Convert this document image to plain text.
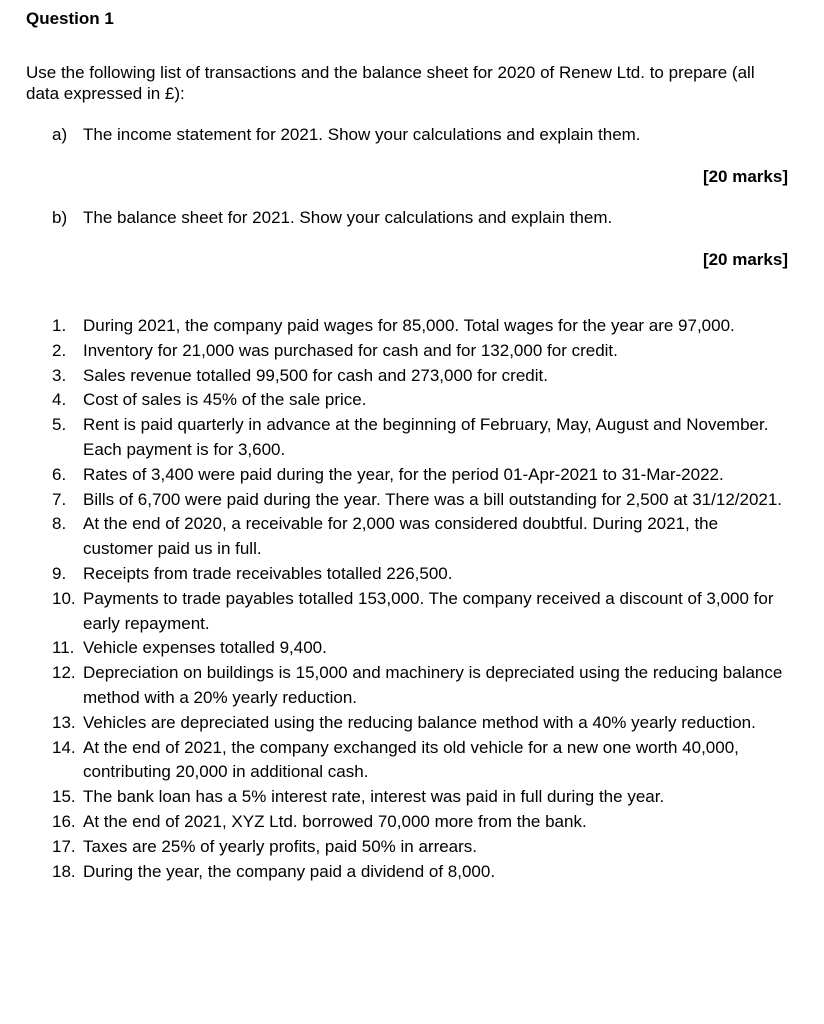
Question 1
Use the following list of transactions and the balance sheet for 2020 of Renew Ltd. to prepare (all data expressed in £):
a) The income statement for 2021. Show your calculations and explain them.
[20 marks]
b) The balance sheet for 2021. Show your calculations and explain them.
[20 marks]
1. During 2021, the company paid wages for 85,000. Total wages for the year are 97,000.
2. Inventory for 21,000 was purchased for cash and for 132,000 for credit.
3. Sales revenue totalled 99,500 for cash and 273,000 for credit.
4. Cost of sales is 45% of the sale price.
5. Rent is paid quarterly in advance at the beginning of February, May, August and November. Each payment is for 3,600.
6. Rates of 3,400 were paid during the year, for the period 01-Apr-2021 to 31-Mar-2022.
7. Bills of 6,700 were paid during the year. There was a bill outstanding for 2,500 at 31/12/2021.
8. At the end of 2020, a receivable for 2,000 was considered doubtful. During 2021, the customer paid us in full.
9. Receipts from trade receivables totalled 226,500.
10. Payments to trade payables totalled 153,000. The company received a discount of 3,000 for early repayment.
11. Vehicle expenses totalled 9,400.
12. Depreciation on buildings is 15,000 and machinery is depreciated using the reducing balance method with a 20% yearly reduction.
13. Vehicles are depreciated using the reducing balance method with a 40% yearly reduction.
14. At the end of 2021, the company exchanged its old vehicle for a new one worth 40,000, contributing 20,000 in additional cash.
15. The bank loan has a 5% interest rate, interest was paid in full during the year.
16. At the end of 2021, XYZ Ltd. borrowed 70,000 more from the bank.
17. Taxes are 25% of yearly profits, paid 50% in arrears.
18. During the year, the company paid a dividend of 8,000.
